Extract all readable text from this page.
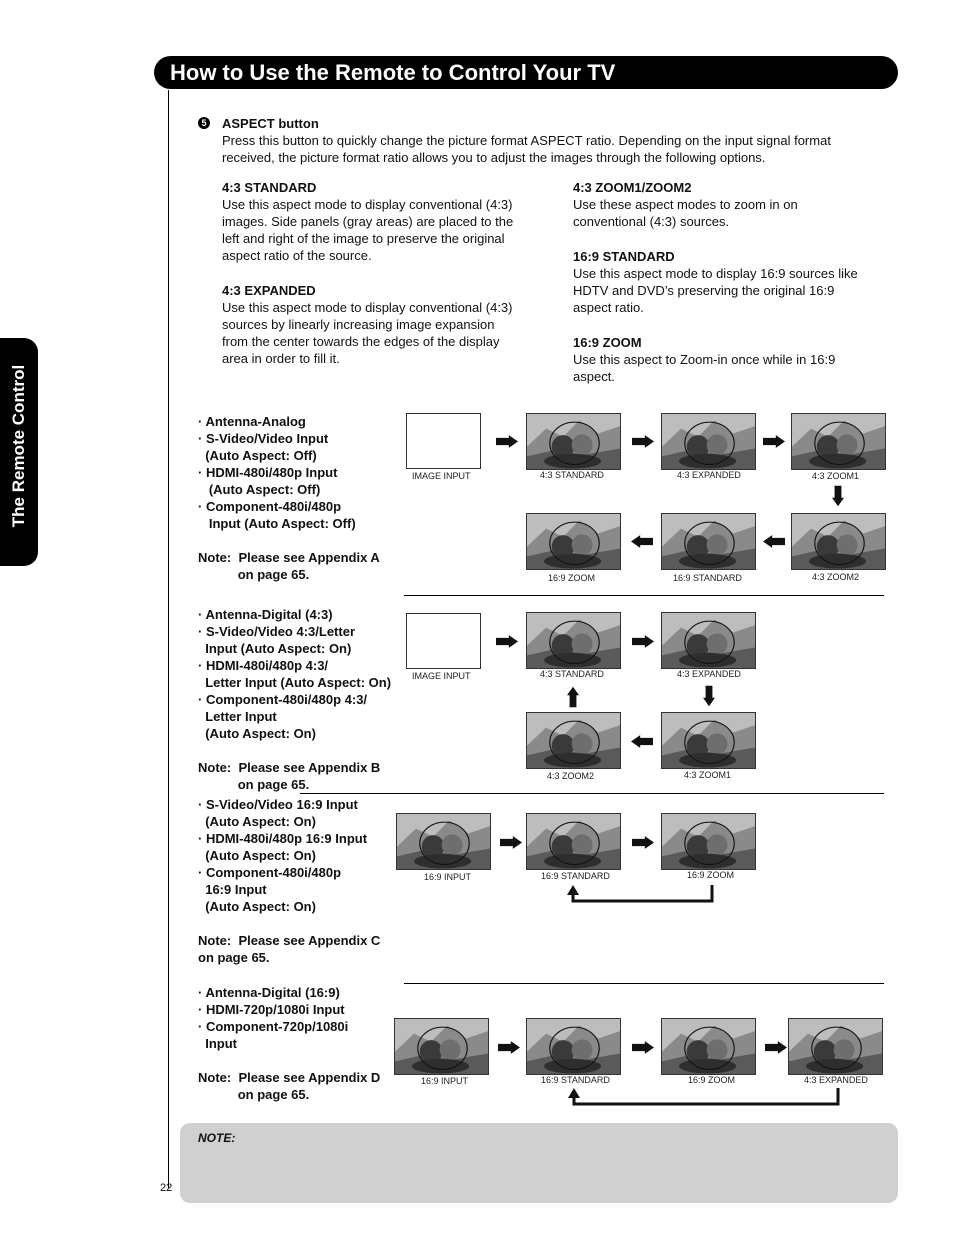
How to Use the Remote to Control Your TV
The Remote Control
5 ASPECT button
Press this button to quickly change the picture format ASPECT ratio. Depending on the input signal format
received, the picture format ratio allows you to adjust the images through the following options.
4:3 STANDARD
Use this aspect mode to display conventional (4:3)
images. Side panels (gray areas) are placed to the
left and right of the image to preserve the original
aspect ratio of the source.
4:3 EXPANDED
Use this aspect mode to display conventional (4:3)
sources by linearly increasing image expansion
from the center towards the edges of the display
area in order to fill it.
4:3 ZOOM1/ZOOM2
Use these aspect modes to zoom in on
conventional (4:3) sources.
16:9 STANDARD
Use this aspect mode to display 16:9 sources like
HDTV and DVD’s preserving the original 16:9
aspect ratio.
16:9 ZOOM
Use this aspect to Zoom-in once while in 16:9
aspect.
· Antenna-Analog
· S-Video/Video Input
(Auto Aspect: Off)
· HDMI-480i/480p Input
(Auto Aspect: Off)
· Component-480i/480p
Input (Auto Aspect: Off)

Note:  Please see Appendix A
on page 65.
IMAGE INPUT	4:3 STANDARD	4:3 EXPANDED	4:3 ZOOM1
16:9 ZOOM	16:9 STANDARD	4:3 ZOOM2
· Antenna-Digital (4:3)
· S-Video/Video 4:3/Letter
Input (Auto Aspect: On)
· HDMI-480i/480p 4:3/
Letter Input (Auto Aspect: On)
· Component-480i/480p 4:3/
Letter Input
(Auto Aspect: On)

Note:  Please see Appendix B
on page 65.
IMAGE INPUT	4:3 STANDARD	4:3 EXPANDED
4:3 ZOOM2	4:3 ZOOM1
· S-Video/Video 16:9 Input
(Auto Aspect: On)
· HDMI-480i/480p 16:9 Input
(Auto Aspect: On)
· Component-480i/480p
16:9 Input
(Auto Aspect: On)

Note:  Please see Appendix C
on page 65.
16:9 INPUT	16:9 STANDARD	16:9 ZOOM
· Antenna-Digital (16:9)
· HDMI-720p/1080i Input
· Component-720p/1080i
Input

Note:  Please see Appendix D
on page 65.
16:9 INPUT	16:9 STANDARD	16:9 ZOOM	4:3 EXPANDED
NOTE:
22
